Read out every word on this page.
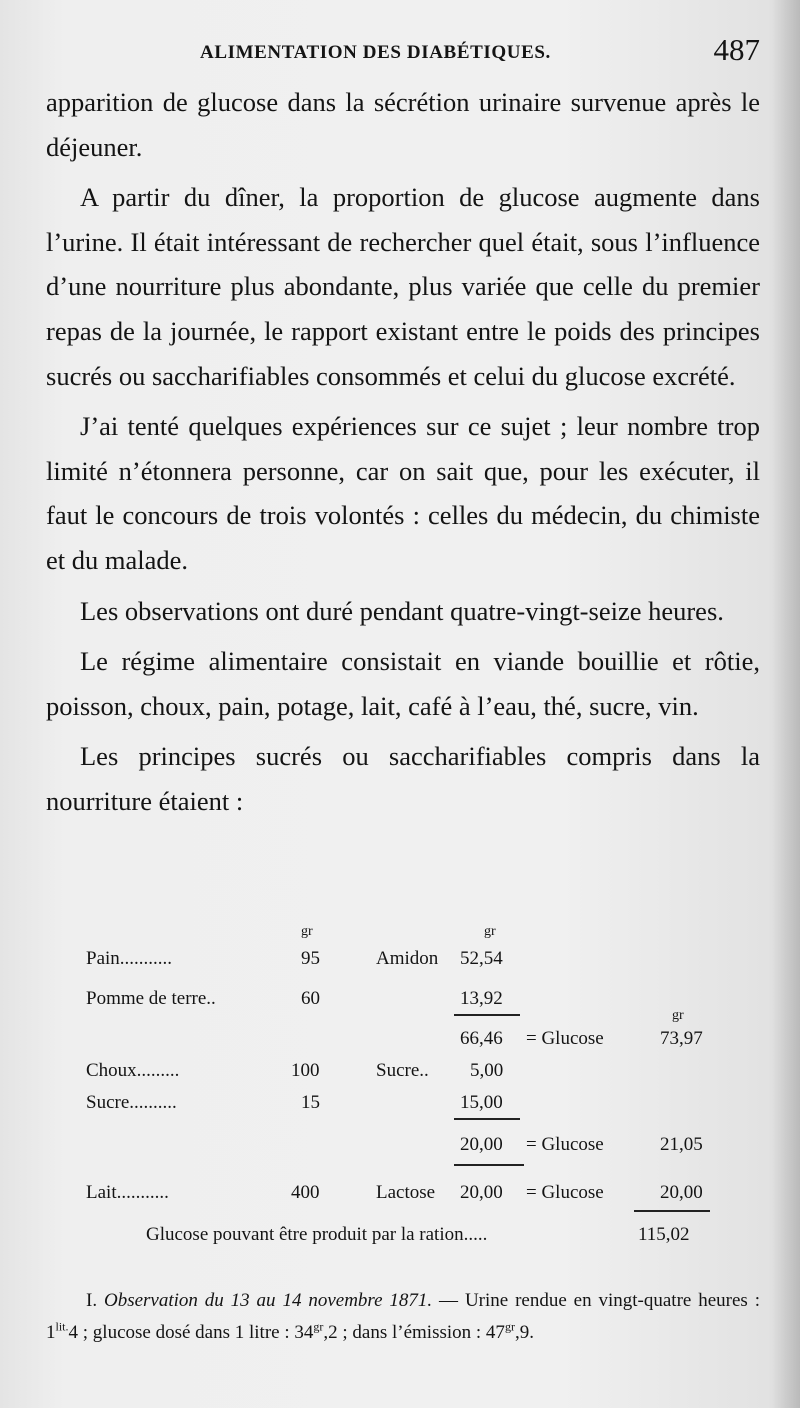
ALIMENTATION DES DIABÉTIQUES.	487

apparition de glucose dans la sécrétion urinaire survenue après le déjeuner.

A partir du dîner, la proportion de glucose augmente dans l’urine. Il était intéressant de rechercher quel était, sous l’influence d’une nourriture plus abondante, plus variée que celle du premier repas de la journée, le rapport existant entre le poids des principes sucrés ou saccharifiables consommés et celui du glucose excrété.

J’ai tenté quelques expériences sur ce sujet ; leur nombre trop limité n’étonnera personne, car on sait que, pour les exécuter, il faut le concours de trois volontés : celles du médecin, du chimiste et du malade.

Les observations ont duré pendant quatre-vingt-seize heures.

Le régime alimentaire consistait en viande bouillie et rôtie, poisson, choux, pain, potage, lait, café à l’eau, thé, sucre, vin.

Les principes sucrés ou saccharifiables compris dans la nourriture étaient :

gr	gr
gr
Pain...........	95	Amidon 52,54
Pomme de terre..	60	13,92
66,46 = Glucose	73,97
Choux.........	100	Sucre.. 5,00
Sucre..........	15	15,00
20,00 = Glucose	21,05
Lait...........	400	Lactose 20,00 = Glucose	20,00
Glucose pouvant être produit par la ration.....	115,02

I. Observation du 13 au 14 novembre 1871. — Urine rendue en vingt-quatre heures : $1^{lit.}4$ ; glucose dosé dans 1 litre : $34^{gr},2$ ; dans l’émission : $47^{gr},9$.
